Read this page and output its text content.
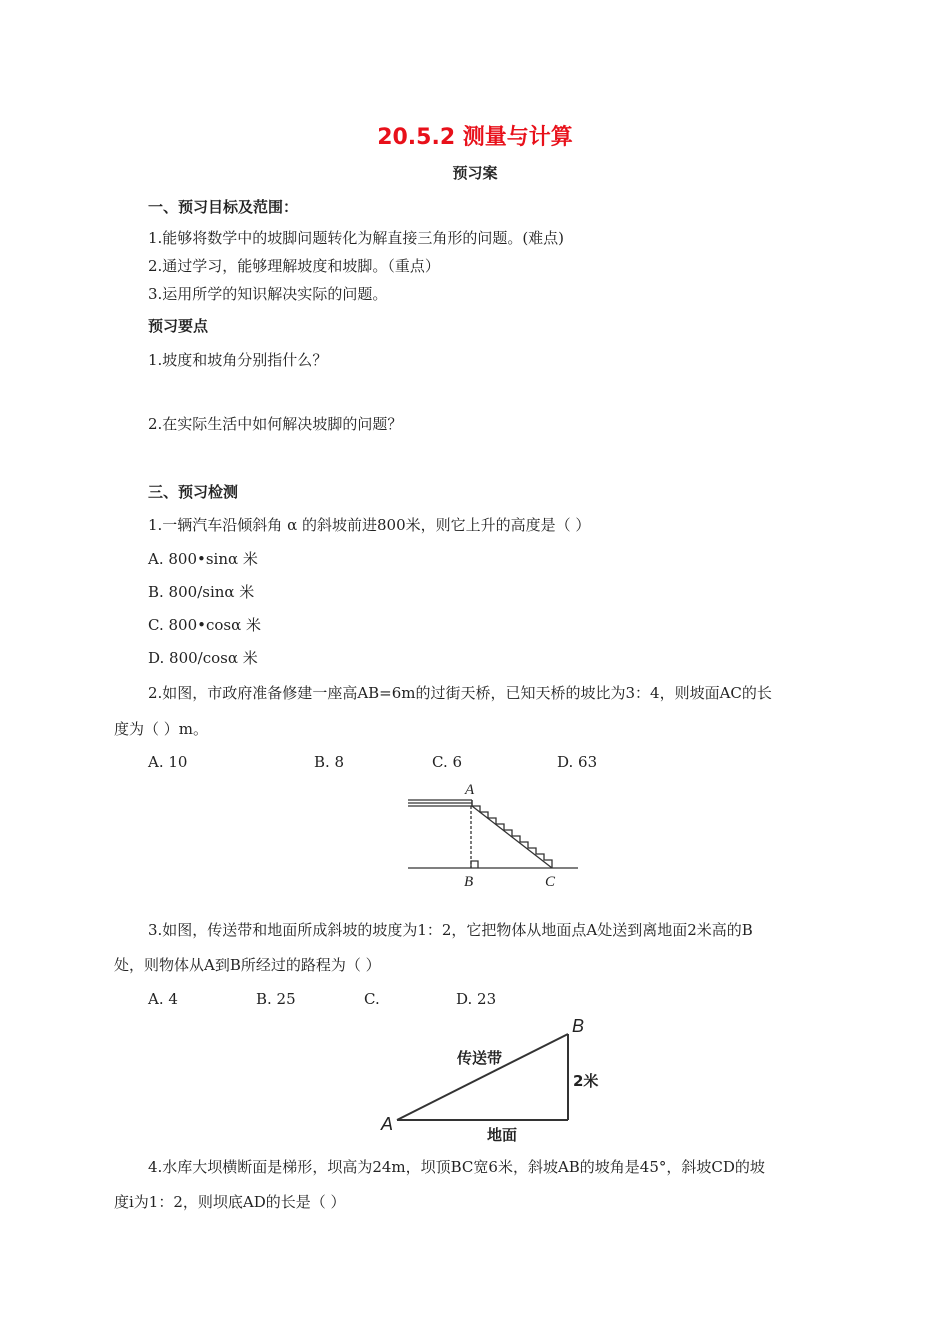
20.5.2 测量与计算
预习案
一、预习目标及范围：
1.能够将数学中的坡脚问题转化为解直接三角形的问题。(难点)
2.通过学习，能够理解坡度和坡脚。（重点）
3.运用所学的知识解决实际的问题。
预习要点
1.坡度和坡角分别指什么？
2.在实际生活中如何解决坡脚的问题？
三、预习检测
1.一辆汽车沿倾斜角 α 的斜坡前进800米，则它上升的高度是（ ）
A. 800•sinα 米
B. 800/sinα 米
C. 800•cosα 米
D. 800/cosα 米
2.如图，市政府准备修建一座高AB=6m的过街天桥，已知天桥的坡比为3：4，则坡面AC的长
度为（ ）m。
A. 10	B. 8	C. 6	D. 63
A
B	C
3.如图，传送带和地面所成斜坡的坡度为1：2，它把物体从地面点A处送到离地面2米高的B
处，则物体从A到B所经过的路程为（ ）
A. 4	B. 25	C.	D. 23
A
B
传送带
2米
地面
4.水库大坝横断面是梯形，坝高为24m，坝顶BC宽6米，斜坡AB的坡角是45°，斜坡CD的坡
度i为1：2，则坝底AD的长是（ ）
